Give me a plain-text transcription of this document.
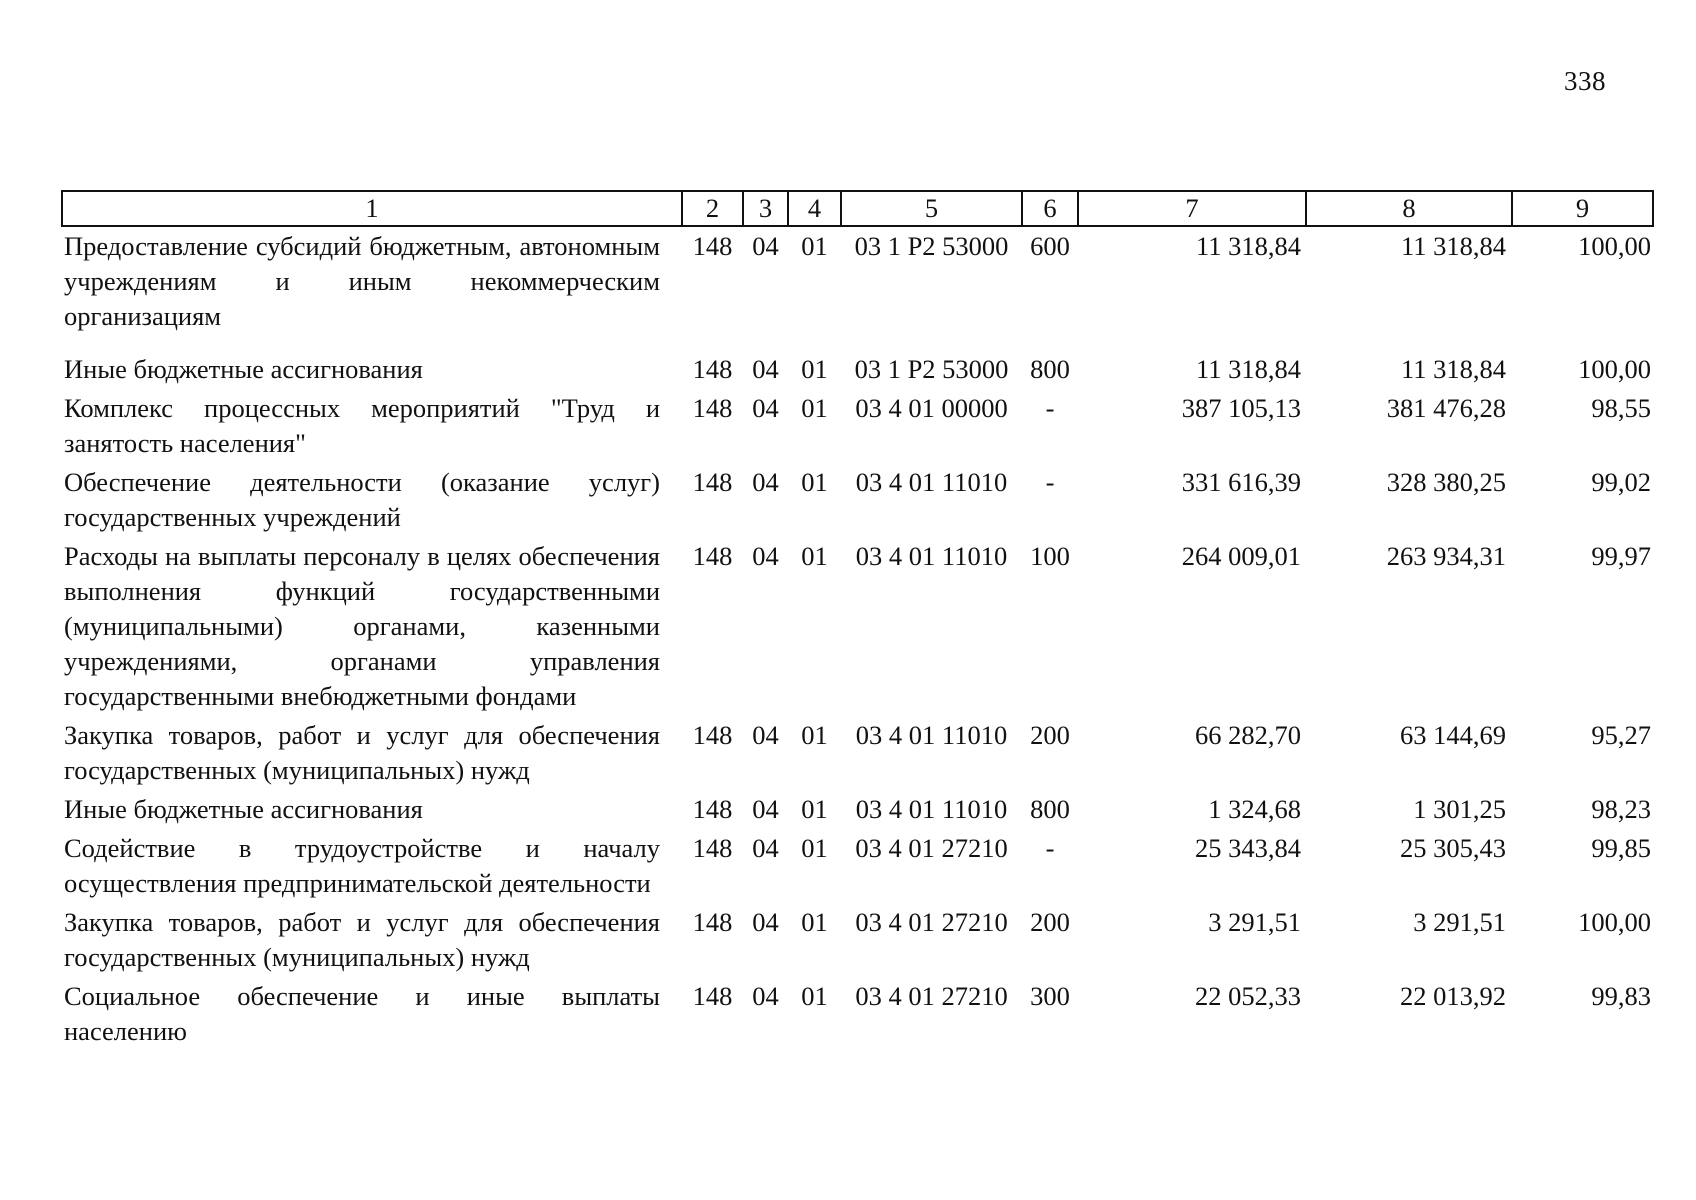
338
1	2	3	4	5	6	7	8	9
Предоставление субсидий бюджетным, автономным учреждениям и иным некоммерческим организациям	148	04	01	03 1 P2 53000	600	11 318,84	11 318,84	100,00
Иные бюджетные ассигнования	148	04	01	03 1 P2 53000	800	11 318,84	11 318,84	100,00
Комплекс процессных мероприятий "Труд и занятость населения"	148	04	01	03 4 01 00000	-	387 105,13	381 476,28	98,55
Обеспечение деятельности (оказание услуг) государственных учреждений	148	04	01	03 4 01 11010	-	331 616,39	328 380,25	99,02
Расходы на выплаты персоналу в целях обеспечения выполнения функций государственными (муниципальными) органами, казенными учреждениями, органами управления государственными внебюджетными фондами	148	04	01	03 4 01 11010	100	264 009,01	263 934,31	99,97
Закупка товаров, работ и услуг для обеспечения государственных (муниципальных) нужд	148	04	01	03 4 01 11010	200	66 282,70	63 144,69	95,27
Иные бюджетные ассигнования	148	04	01	03 4 01 11010	800	1 324,68	1 301,25	98,23
Содействие в трудоустройстве и началу осуществления предпринимательской деятельности	148	04	01	03 4 01 27210	-	25 343,84	25 305,43	99,85
Закупка товаров, работ и услуг для обеспечения государственных (муниципальных) нужд	148	04	01	03 4 01 27210	200	3 291,51	3 291,51	100,00
Социальное обеспечение и иные выплаты населению	148	04	01	03 4 01 27210	300	22 052,33	22 013,92	99,83
